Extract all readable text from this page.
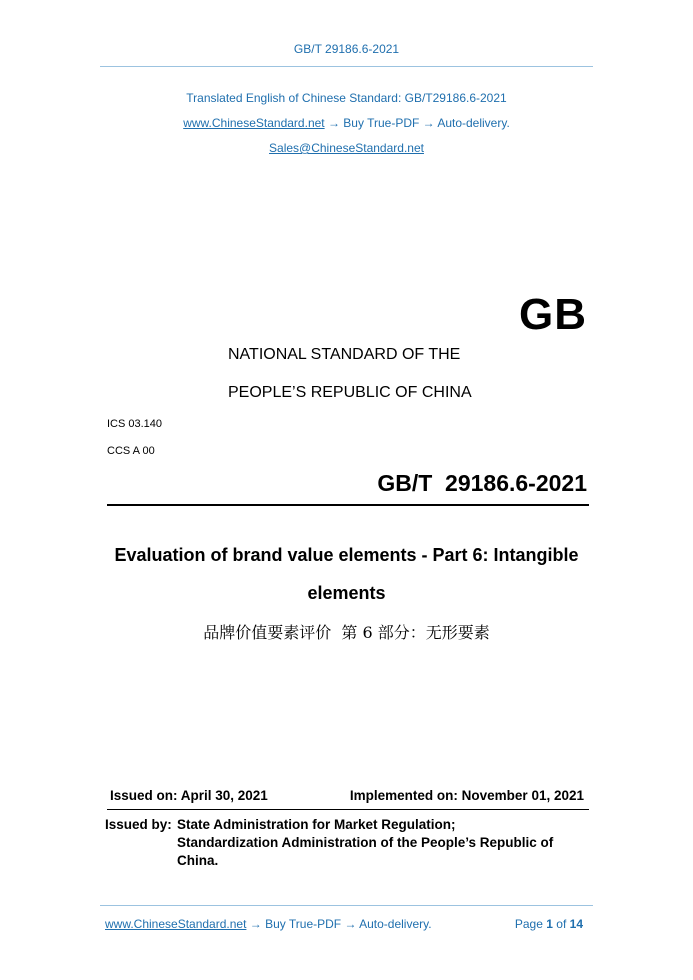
GB/T 29186.6-2021
Translated English of Chinese Standard: GB/T29186.6-2021
www.ChineseStandard.net → Buy True-PDF → Auto-delivery.
Sales@ChineseStandard.net
GB
NATIONAL STANDARD OF THE
PEOPLE’S REPUBLIC OF CHINA
ICS 03.140
CCS A 00
GB/T  29186.6-2021
Evaluation of brand value elements - Part 6: Intangible
elements
品牌价值要素评价  第 6 部分：无形要素
Issued on: April 30, 2021	Implemented on: November 01, 2021
Issued by: State Administration for Market Regulation;
Standardization Administration of the People’s Republic of
China.
www.ChineseStandard.net → Buy True-PDF → Auto-delivery.	Page 1 of 14
